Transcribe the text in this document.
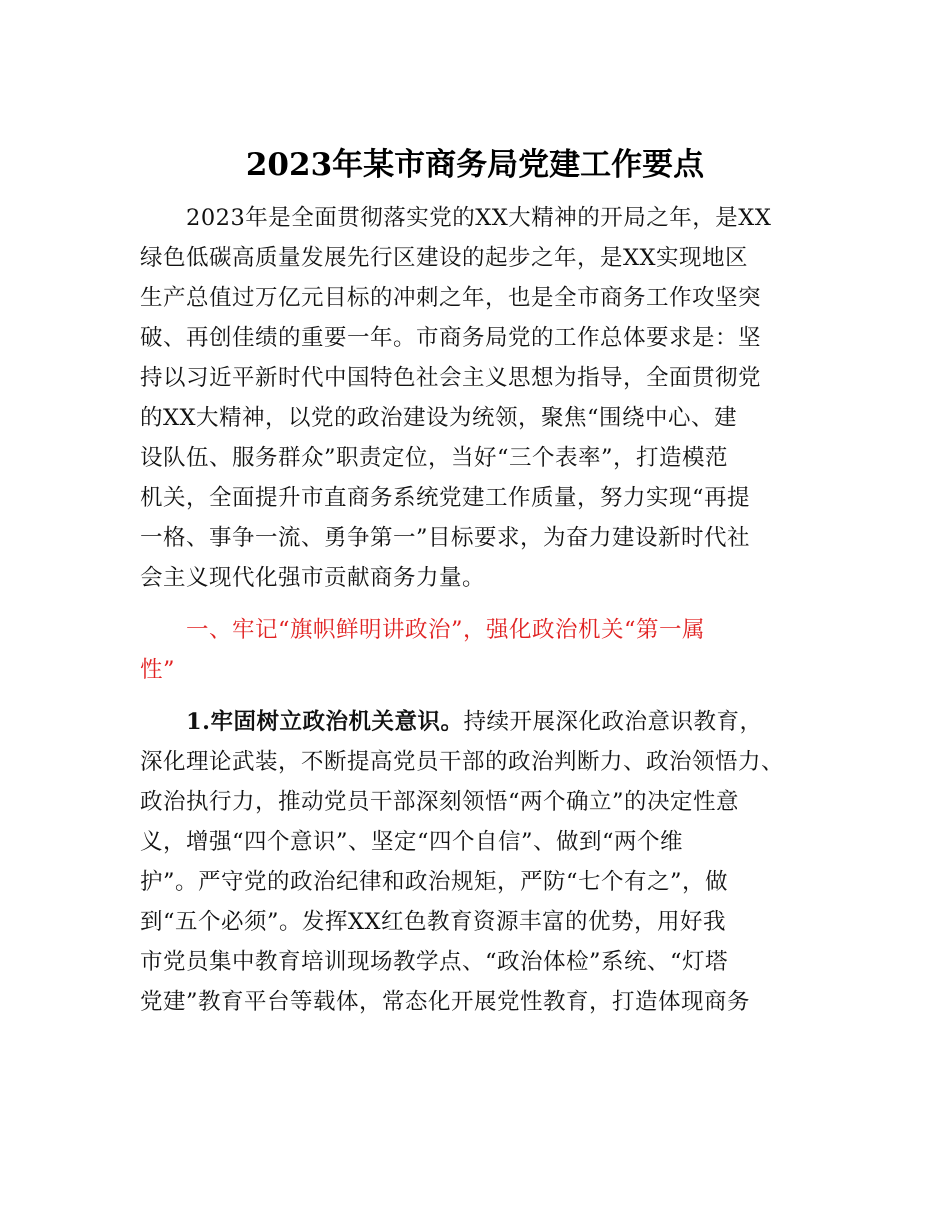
2023年某市商务局党建工作要点
2023年是全面贯彻落实党的XX大精神的开局之年，是XX
绿色低碳高质量发展先行区建设的起步之年，是XX实现地区
生产总值过万亿元目标的冲刺之年，也是全市商务工作攻坚突
破、再创佳绩的重要一年。市商务局党的工作总体要求是：坚
持以习近平新时代中国特色社会主义思想为指导，全面贯彻党
的XX大精神，以党的政治建设为统领，聚焦“围绕中心、建
设队伍、服务群众”职责定位，当好“三个表率”，打造模范
机关，全面提升市直商务系统党建工作质量，努力实现“再提
一格、事争一流、勇争第一”目标要求，为奋力建设新时代社
会主义现代化强市贡献商务力量。
一、牢记“旗帜鲜明讲政治”，强化政治机关“第一属
性”
1.牢固树立政治机关意识。持续开展深化政治意识教育，
深化理论武装，不断提高党员干部的政治判断力、政治领悟力、
政治执行力，推动党员干部深刻领悟“两个确立”的决定性意
义，增强“四个意识”、坚定“四个自信”、做到“两个维
护”。严守党的政治纪律和政治规矩，严防“七个有之”，做
到“五个必须”。发挥XX红色教育资源丰富的优势，用好我
市党员集中教育培训现场教学点、“政治体检”系统、“灯塔
党建”教育平台等载体，常态化开展党性教育，打造体现商务
